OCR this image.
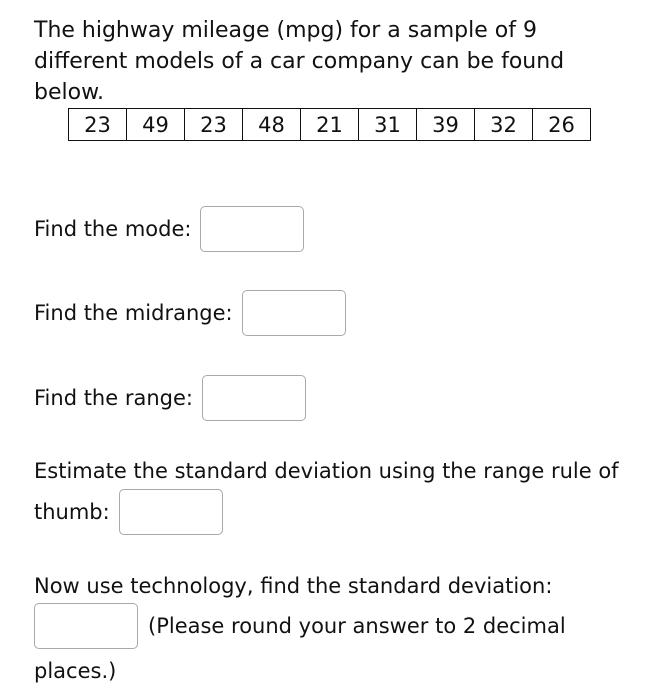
The highway mileage (mpg) for a sample of 9 different models of a car company can be found below.

23	49	23	48	21	31	39	32	26
Find the mode:
Find the midrange:
Find the range:
Estimate the standard deviation using the range rule of
thumb:
Now use technology, find the standard deviation:
(Please round your answer to 2 decimal
places.)
